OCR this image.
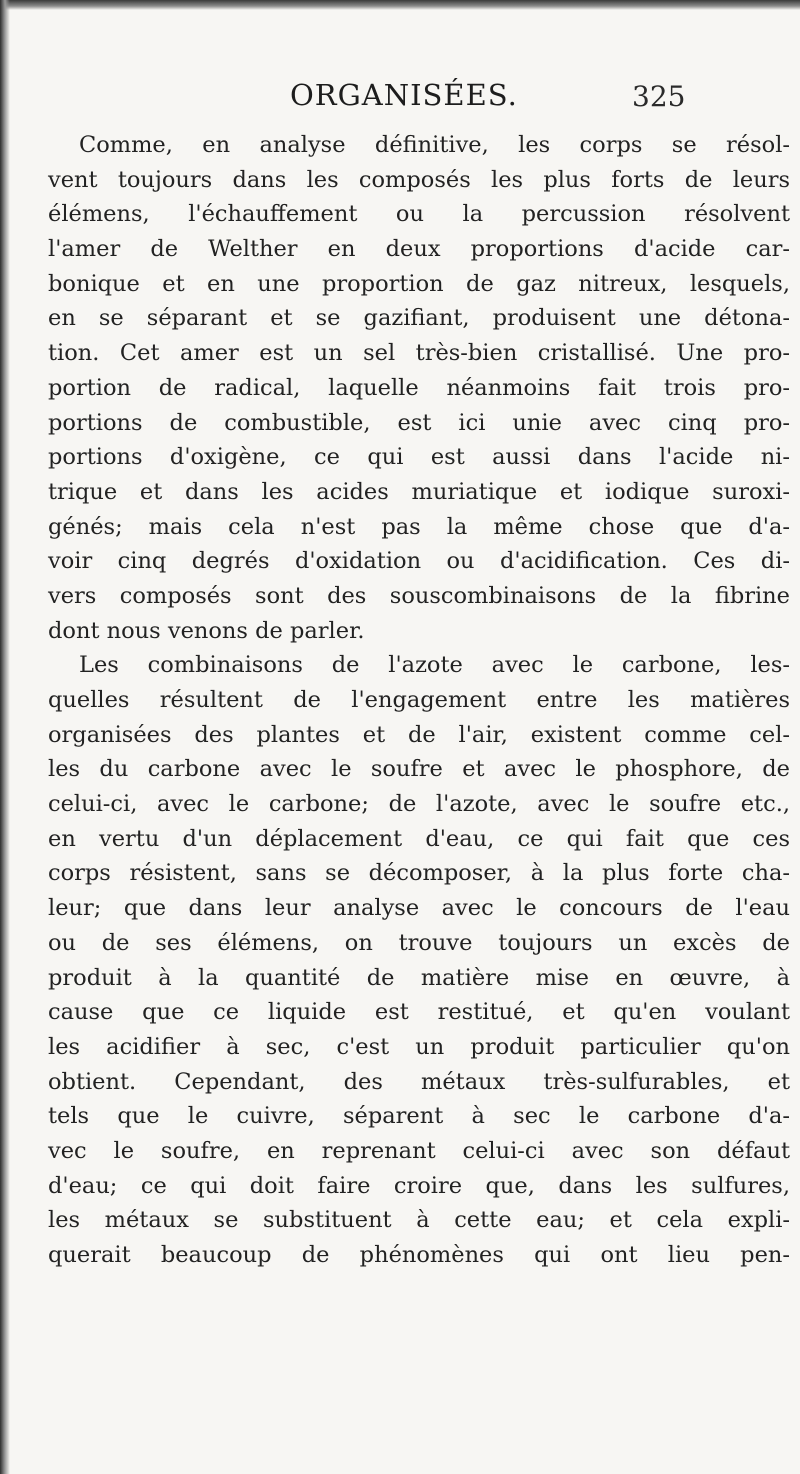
ORGANISÉES.	325
Comme, en analyse définitive, les corps se résol-
vent toujours dans les composés les plus forts de leurs
élémens, l'échauffement ou la percussion résolvent
l'amer de Welther en deux proportions d'acide car-
bonique et en une proportion de gaz nitreux, lesquels,
en se séparant et se gazifiant, produisent une détona-
tion. Cet amer est un sel très-bien cristallisé. Une pro-
portion de radical, laquelle néanmoins fait trois pro-
portions de combustible, est ici unie avec cinq pro-
portions d'oxigène, ce qui est aussi dans l'acide ni-
trique et dans les acides muriatique et iodique suroxi-
génés; mais cela n'est pas la même chose que d'a-
voir cinq degrés d'oxidation ou d'acidification. Ces di-
vers composés sont des souscombinaisons de la fibrine
dont nous venons de parler.
Les combinaisons de l'azote avec le carbone, les-
quelles résultent de l'engagement entre les matières
organisées des plantes et de l'air, existent comme cel-
les du carbone avec le soufre et avec le phosphore, de
celui-ci, avec le carbone; de l'azote, avec le soufre etc.,
en vertu d'un déplacement d'eau, ce qui fait que ces
corps résistent, sans se décomposer, à la plus forte cha-
leur; que dans leur analyse avec le concours de l'eau
ou de ses élémens, on trouve toujours un excès de
produit à la quantité de matière mise en œuvre, à
cause que ce liquide est restitué, et qu'en voulant
les acidifier à sec, c'est un produit particulier qu'on
obtient. Cependant, des métaux très-sulfurables, et
tels que le cuivre, séparent à sec le carbone d'a-
vec le soufre, en reprenant celui-ci avec son défaut
d'eau; ce qui doit faire croire que, dans les sulfures,
les métaux se substituent à cette eau; et cela expli-
querait beaucoup de phénomènes qui ont lieu pen-
